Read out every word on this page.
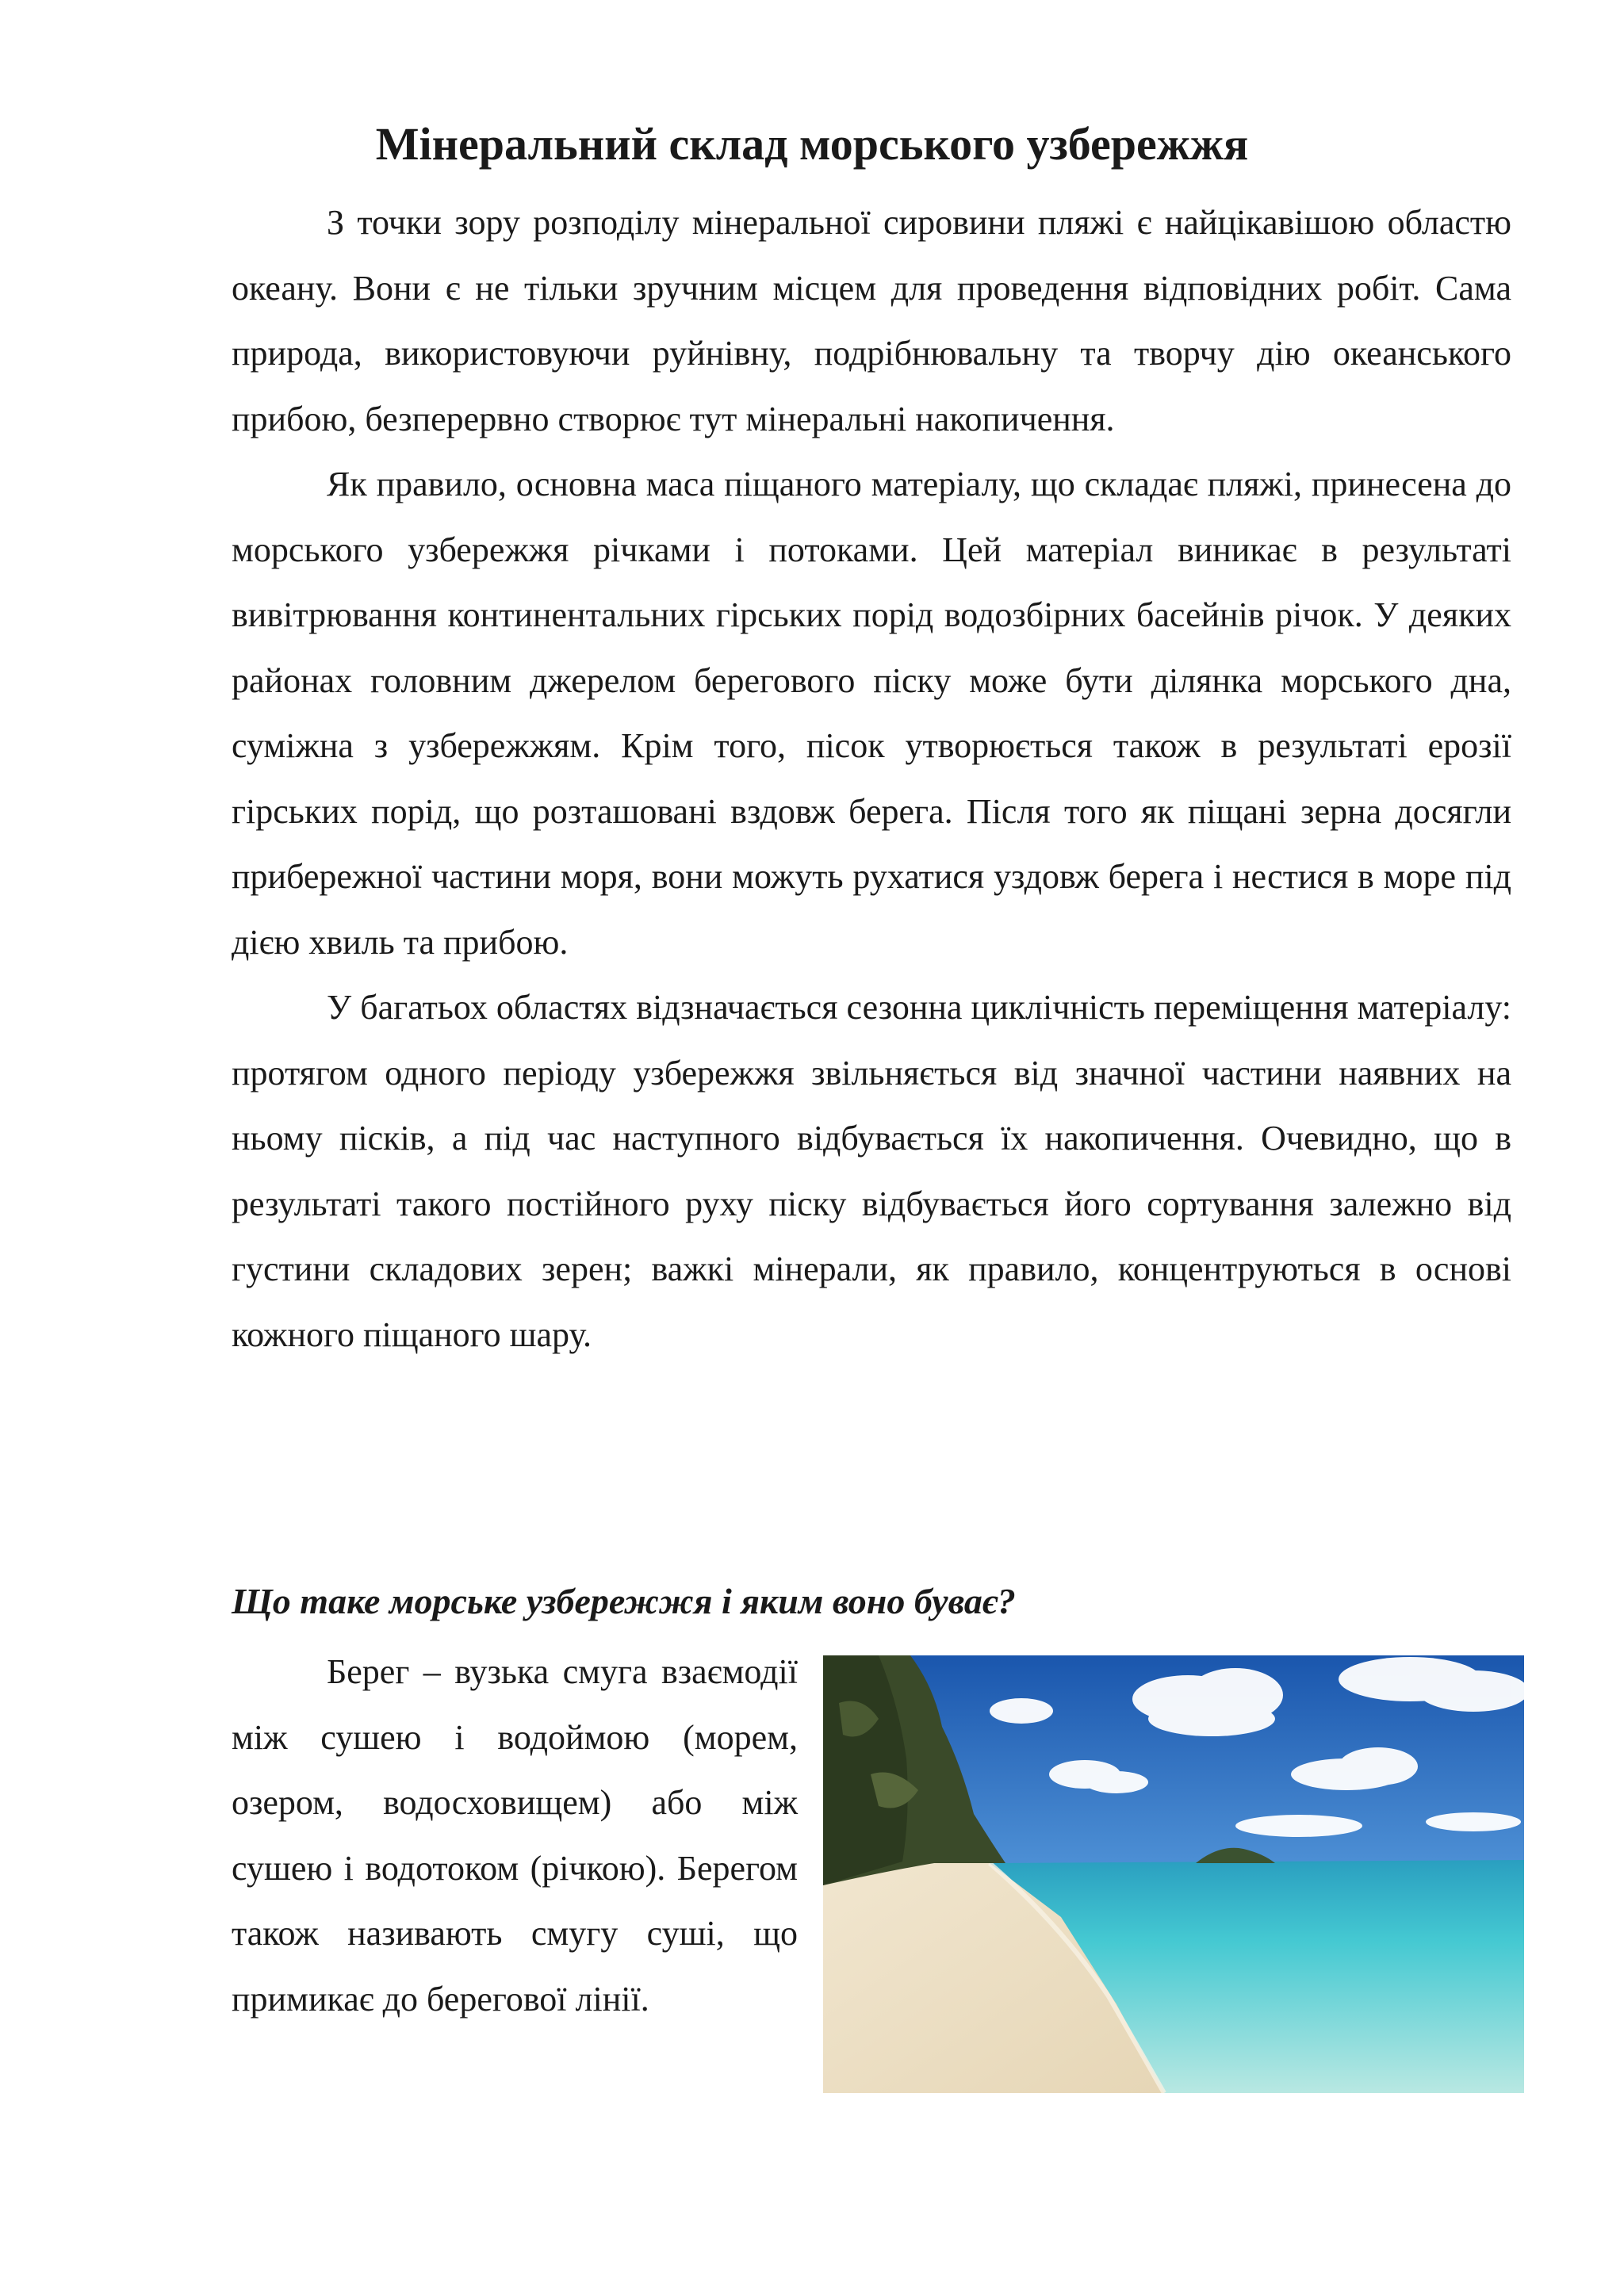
Мінеральний склад морського узбережжя

З точки зору розподілу мінеральної сировини пляжі є найцікавішою областю океану. Вони є не тільки зручним місцем для проведення відповідних робіт. Сама природа, використовуючи руйнівну, подрібнювальну та творчу дію океанського прибою, безперервно створює тут мінеральні накопичення.

Як правило, основна маса піщаного матеріалу, що складає пляжі, принесена до морського узбережжя річками і потоками. Цей матеріал виникає в результаті вивітрювання континентальних гірських порід водозбірних басейнів річок. У деяких районах головним джерелом берегового піску може бути ділянка морського дна, суміжна з узбережжям. Крім того, пісок утворюється також в результаті ерозії гірських порід, що розташовані вздовж берега. Після того як піщані зерна досягли прибережної частини моря, вони можуть рухатися уздовж берега і нестися в море під дією хвиль та прибою.

У багатьох областях відзначається сезонна циклічність переміщення матеріалу: протягом одного періоду узбережжя звільняється від значної частини наявних на ньому пісків, а під час наступного відбувається їх накопичення. Очевидно, що в результаті такого постійного руху піску відбувається його сортування залежно від густини складових зерен; важкі мінерали, як правило, концентруються в основі кожного піщаного шару.

Що таке морське узбережжя і яким воно буває?

Берег – вузька смуга взаємодії між сушею і водоймою (морем, озером, водосховищем) або між сушею і водотоком (річкою). Берегом також називають смугу суші, що примикає до берегової лінії.
